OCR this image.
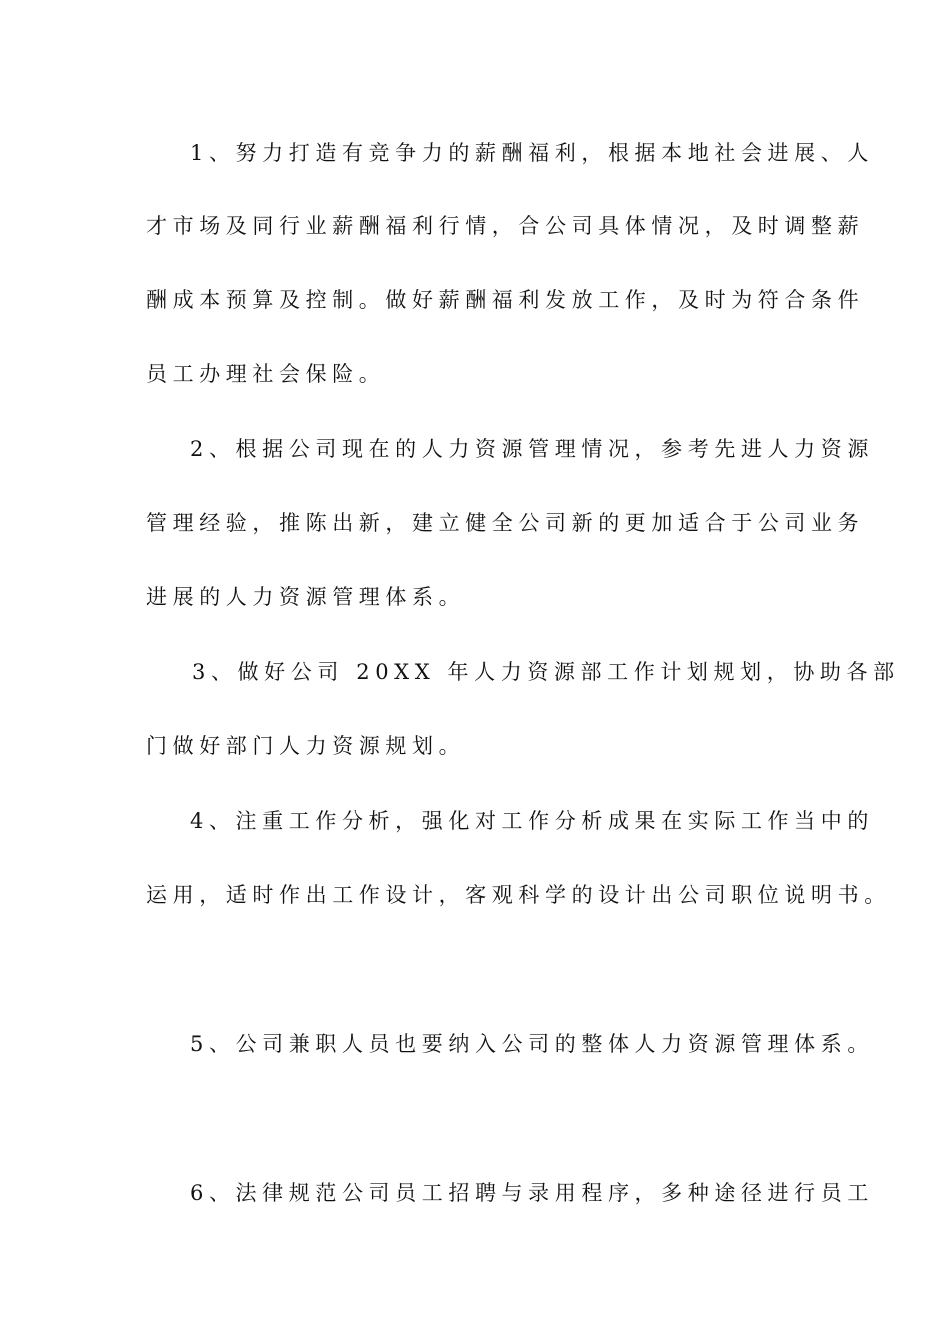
1、努力打造有竞争力的薪酬福利，根据本地社会进展、人
才市场及同行业薪酬福利行情，合公司具体情况，及时调整薪
酬成本预算及控制。做好薪酬福利发放工作，及时为符合条件
员工办理社会保险。
2、根据公司现在的人力资源管理情况，参考先进人力资源
管理经验，推陈出新，建立健全公司新的更加适合于公司业务
进展的人力资源管理体系。
3、做好公司 20XX 年人力资源部工作计划规划，协助各部
门做好部门人力资源规划。
4、注重工作分析，强化对工作分析成果在实际工作当中的
运用，适时作出工作设计，客观科学的设计出公司职位说明书。
5、公司兼职人员也要纳入公司的整体人力资源管理体系。
6、法律规范公司员工招聘与录用程序，多种途径进行员工
